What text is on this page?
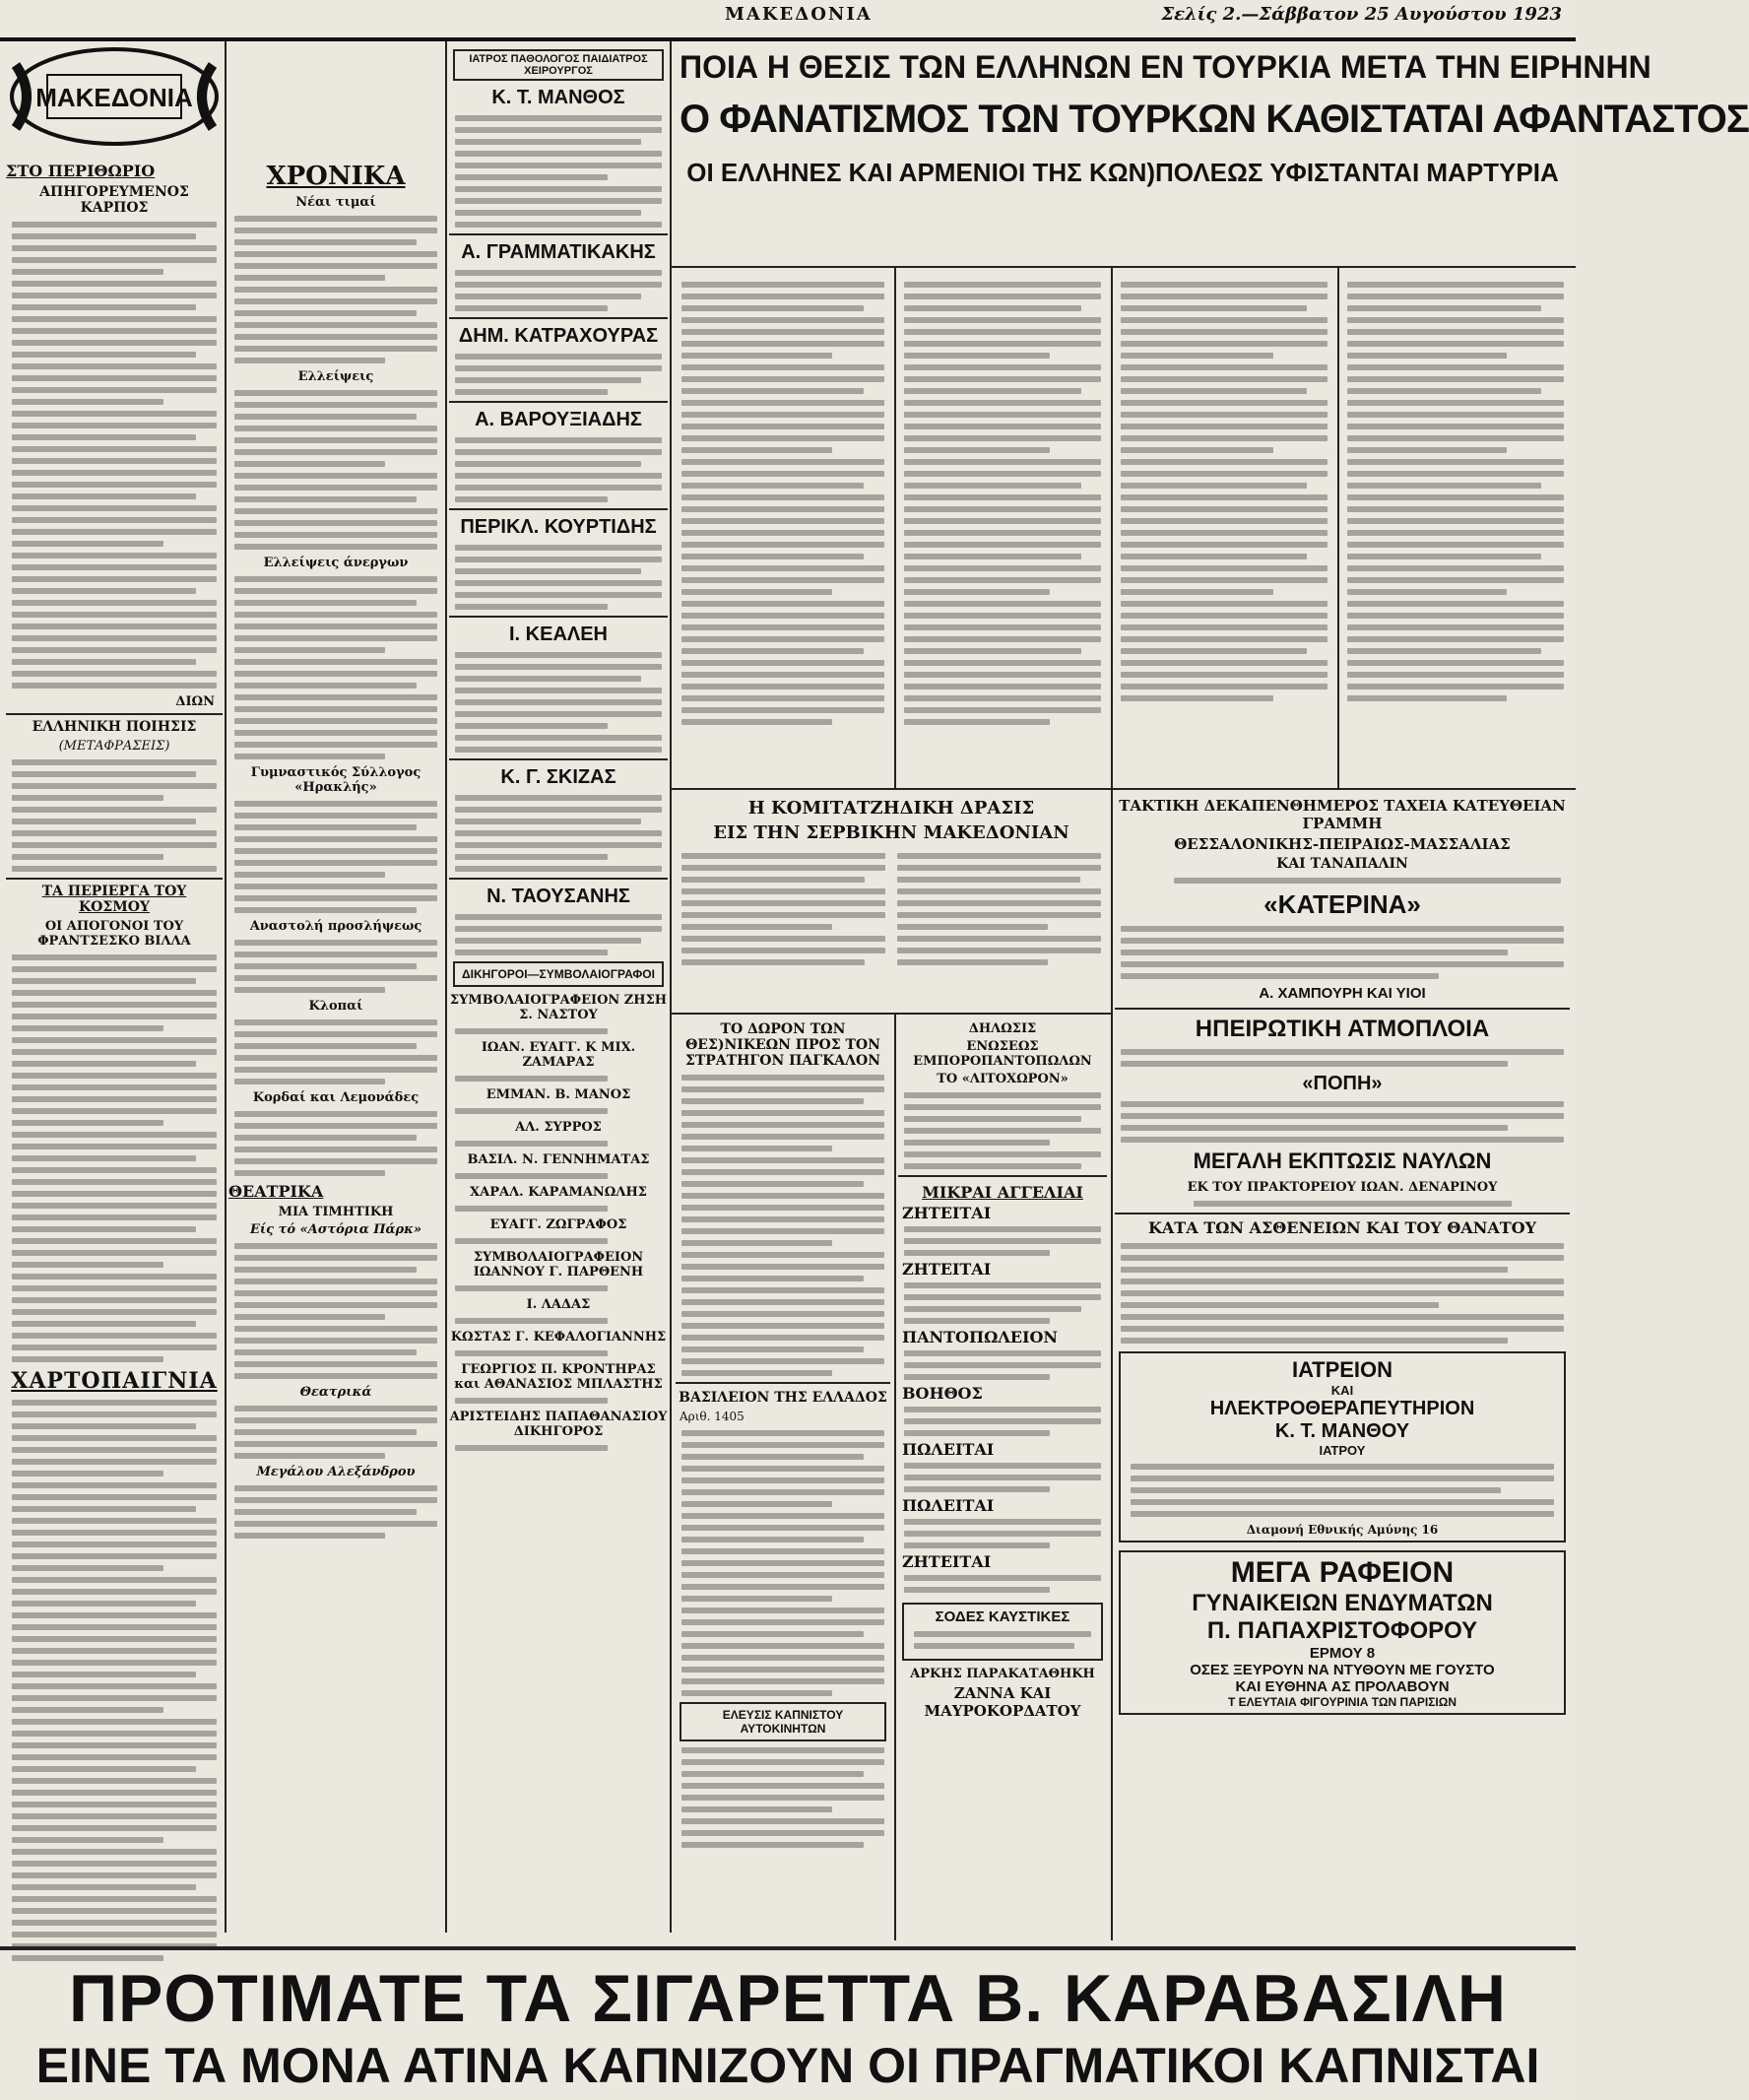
ΜΑΚΕΔΟΝΙΑ	Σελίς 2.—Σάββατον 25 Αυγούστου 1923
ΜΑΚΕΔΟΝΙΑ
ΠΟΙΑ Η ΘΕΣΙΣ ΤΩΝ ΕΛΛΗΝΩΝ ΕΝ ΤΟΥΡΚΙΑ ΜΕΤΑ ΤΗΝ ΕΙΡΗΝΗΝ
Ο ΦΑΝΑΤΙΣΜΟΣ ΤΩΝ ΤΟΥΡΚΩΝ ΚΑΘΙΣΤΑΤΑΙ ΑΦΑΝΤΑΣΤΟΣ
ΟΙ ΕΛΛΗΝΕΣ ΚΑΙ ΑΡΜΕΝΙΟΙ ΤΗΣ ΚΩΝ)ΠΟΛΕΩΣ ΥΦΙΣΤΑΝΤΑΙ ΜΑΡΤΥΡΙΑ
ΣΤΟ ΠΕΡΙΘΩΡΙΟ
ΑΠΗΓΟΡΕΥΜΕΝΟΣ ΚΑΡΠΟΣ
ΔΙΩΝ
ΕΛΛΗΝΙΚΗ ΠΟΙΗΣΙΣ
(ΜΕΤΑΦΡΑΣΕΙΣ)
ΤΑ ΠΕΡΙΕΡΓΑ ΤΟΥ ΚΟΣΜΟΥ
ΟΙ ΑΠΟΓΟΝΟΙ ΤΟΥ ΦΡΑΝΤΣΕΣΚΟ ΒΙΛΛΑ
ΧΑΡΤΟΠΑΙΓΝΙΑ
ΧΡΟΝΙΚΑ
Νέαι τιμαί
Ελλείψεις
Ελλείψεις άνεργων
Γυμναστικός Σύλλογος «Ηρακλής»
Αναστολή προσλήψεως
Κλοπαί
Κορδαί και Λεμονάδες
ΘΕΑΤΡΙΚΑ
ΜΙΑ ΤΙΜΗΤΙΚΗ
Είς τό «Αστόρια Πάρκ»
Θεατρικά
Μεγάλου Αλεξάνδρου
ΙΑΤΡΟΣ ΠΑΘΟΛΟΓΟΣ ΠΑΙΔΙΑΤΡΟΣ ΧΕΙΡΟΥΡΓΟΣ
Κ. Τ. ΜΑΝΘΟΣ
Α. ΓΡΑΜΜΑΤΙΚΑΚΗΣ
ΔΗΜ. ΚΑΤΡΑΧΟΥΡΑΣ
Α. ΒΑΡΟΥΞΙΑΔΗΣ
ΠΕΡΙΚΛ. ΚΟΥΡΤΙΔΗΣ
Ι. ΚΕΑΛΕΗ
Κ. Γ. ΣΚΙΖΑΣ
Ν. ΤΑΟΥΣΑΝΗΣ
ΔΙΚΗΓΟΡΟΙ—ΣΥΜΒΟΛΑΙΟΓΡΑΦΟΙ
ΣΥΜΒΟΛΑΙΟΓΡΑΦΕΙΟΝ ΖΗΣΗ Σ. ΝΑΣΤΟΥ
ΙΩΑΝ. ΕΥΑΓΓ. Κ ΜΙΧ. ΖΑΜΑΡΑΣ
ΕΜΜΑΝ. Β. ΜΑΝΟΣ
ΑΛ. ΣΥΡΡΟΣ
ΒΑΣΙΛ. Ν. ΓΕΝΝΗΜΑΤΑΣ
ΧΑΡΑΛ. ΚΑΡΑΜΑΝΩΛΗΣ
ΕΥΑΓΓ. ΖΩΓΡΑΦΟΣ
ΣΥΜΒΟΛΑΙΟΓΡΑΦΕΙΟΝ ΙΩΑΝΝΟΥ Γ. ΠΑΡΘΕΝΗ
Ι. ΛΑΔΑΣ
ΚΩΣΤΑΣ Γ. ΚΕΦΑΛΟΓΙΑΝΝΗΣ
ΓΕΩΡΓΙΟΣ Π. ΚΡΟΝΤΗΡΑΣ και ΑΘΑΝΑΣΙΟΣ ΜΠΛΑΣΤΗΣ
ΑΡΙΣΤΕΙΔΗΣ ΠΑΠΑΘΑΝΑΣΙΟΥ ΔΙΚΗΓΟΡΟΣ
Η ΚΟΜΙΤΑΤΖΗΔΙΚΗ ΔΡΑΣΙΣ
ΕΙΣ ΤΗΝ ΣΕΡΒΙΚΗΝ ΜΑΚΕΔΟΝΙΑΝ
ΤΟ ΔΩΡΟΝ ΤΩΝ ΘΕΣ)ΝΙΚΕΩΝ ΠΡΟΣ ΤΟΝ ΣΤΡΑΤΗΓΟΝ ΠΑΓΚΑΛΟΝ
ΒΑΣΙΛΕΙΟΝ ΤΗΣ ΕΛΛΑΔΟΣ
Αριθ. 1405
ΕΛΕΥΣΙΣ ΚΑΠΝΙΣΤΟΥ ΑΥΤΟΚΙΝΗΤΩΝ
ΔΗΛΩΣΙΣ
ΕΝΩΣΕΩΣ ΕΜΠΟΡΟΠΑΝΤΟΠΩΛΩΝ
ΤΟ «ΛΙΤΟΧΩΡΟΝ»
ΜΙΚΡΑΙ ΑΓΓΕΛΙΑΙ
ΖΗΤΕΙΤΑΙ
ΖΗΤΕΙΤΑΙ
ΠΑΝΤΟΠΩΛΕΙΟΝ
ΒΟΗΘΟΣ
ΠΩΛΕΙΤΑΙ
ΠΩΛΕΙΤΑΙ
ΖΗΤΕΙΤΑΙ
ΣΟΔΕΣ ΚΑΥΣΤΙΚΕΣ
ΑΡΚΗΣ ΠΑΡΑΚΑΤΑΘΗΚΗ
ΖΑΝΝΑ ΚΑΙ ΜΑΥΡΟΚΟΡΔΑΤΟΥ
ΤΑΚΤΙΚΗ ΔΕΚΑΠΕΝΘΗΜΕΡΟΣ ΤΑΧΕΙΑ ΚΑΤΕΥΘΕΙΑΝ ΓΡΑΜΜΗ
ΘΕΣΣΑΛΟΝΙΚΗΣ-ΠΕΙΡΑΙΩΣ-ΜΑΣΣΑΛΙΑΣ
ΚΑΙ ΤΑΝΑΠΑΛΙΝ
«ΚΑΤΕΡΙΝΑ»
Α. ΧΑΜΠΟΥΡΗ ΚΑΙ ΥΙΟΙ
ΗΠΕΙΡΩΤΙΚΗ ΑΤΜΟΠΛΟΙΑ
«ΠΟΠΗ»
ΜΕΓΑΛΗ ΕΚΠΤΩΣΙΣ ΝΑΥΛΩΝ
ΕΚ ΤΟΥ ΠΡΑΚΤΟΡΕΙΟΥ ΙΩΑΝ. ΔΕΝΑΡΙΝΟΥ
ΚΑΤΑ ΤΩΝ ΑΣΘΕΝΕΙΩΝ ΚΑΙ ΤΟΥ ΘΑΝΑΤΟΥ
ΙΑΤΡΕΙΟΝ
ΚΑΙ
ΗΛΕΚΤΡΟΘΕΡΑΠΕΥΤΗΡΙΟΝ
Κ. Τ. ΜΑΝΘΟΥ
ΙΑΤΡΟΥ
Διαμονή Εθνικής Αμύνης 16
ΜΕΓΑ ΡΑΦΕΙΟΝ
ΓΥΝΑΙΚΕΙΩΝ ΕΝΔΥΜΑΤΩΝ
Π. ΠΑΠΑΧΡΙΣΤΟΦΟΡΟΥ
ΕΡΜΟΥ 8
ΟΣΕΣ ΞΕΥΡΟΥΝ ΝΑ ΝΤΥΘΟΥΝ ΜΕ ΓΟΥΣΤΟ
ΚΑΙ ΕΥΘΗΝΑ ΑΣ ΠΡΟΛΑΒΟΥΝ
Τ ΕΛΕΥΤΑΙΑ ΦΙΓΟΥΡΙΝΙΑ ΤΩΝ ΠΑΡΙΣΙΩΝ
ΠΡΟΤΙΜΑΤΕ ΤΑ ΣΙΓΑΡΕΤΤΑ Β. ΚΑΡΑΒΑΣΙΛΗ
ΕΙΝΕ ΤΑ ΜΟΝΑ ΑΤΙΝΑ ΚΑΠΝΙΖΟΥΝ ΟΙ ΠΡΑΓΜΑΤΙΚΟΙ ΚΑΠΝΙΣΤΑΙ
